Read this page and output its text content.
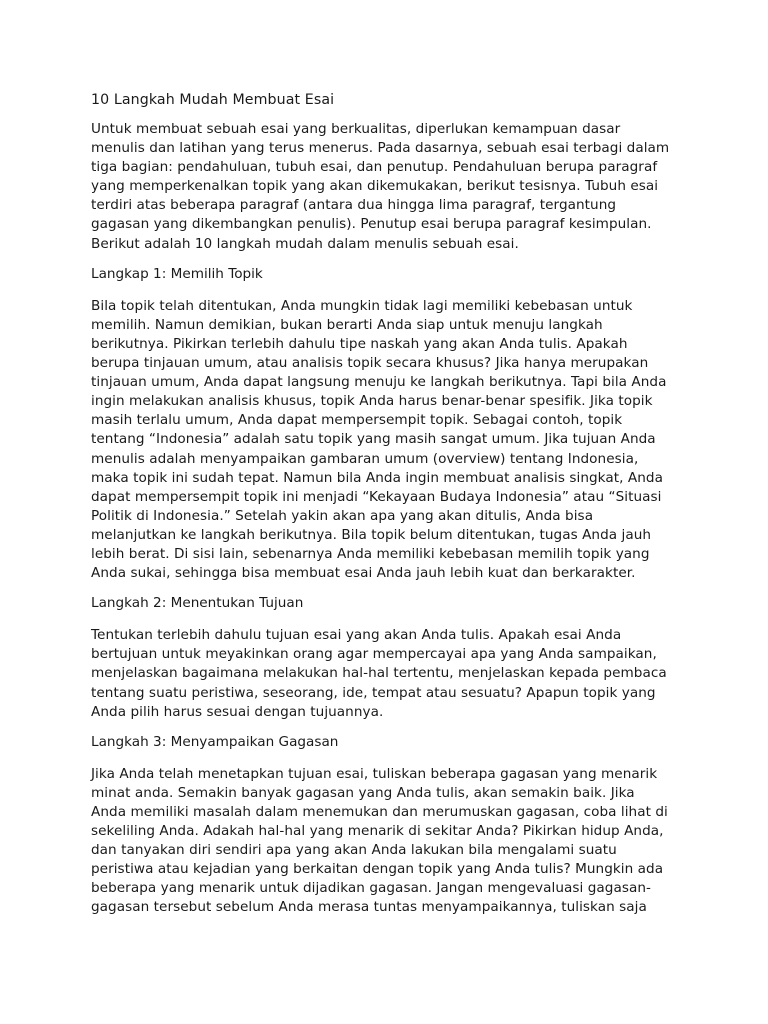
10 Langkah Mudah Membuat Esai
Untuk membuat sebuah esai yang berkualitas, diperlukan kemampuan dasar
menulis dan latihan yang terus menerus. Pada dasarnya, sebuah esai terbagi dalam
tiga bagian: pendahuluan, tubuh esai, dan penutup. Pendahuluan berupa paragraf
yang memperkenalkan topik yang akan dikemukakan, berikut tesisnya. Tubuh esai
terdiri atas beberapa paragraf (antara dua hingga lima paragraf, tergantung
gagasan yang dikembangkan penulis). Penutup esai berupa paragraf kesimpulan.
Berikut adalah 10 langkah mudah dalam menulis sebuah esai.
Langkap 1: Memilih Topik
Bila topik telah ditentukan, Anda mungkin tidak lagi memiliki kebebasan untuk
memilih. Namun demikian, bukan berarti Anda siap untuk menuju langkah
berikutnya. Pikirkan terlebih dahulu tipe naskah yang akan Anda tulis. Apakah
berupa tinjauan umum, atau analisis topik secara khusus? Jika hanya merupakan
tinjauan umum, Anda dapat langsung menuju ke langkah berikutnya. Tapi bila Anda
ingin melakukan analisis khusus, topik Anda harus benar-benar spesifik. Jika topik
masih terlalu umum, Anda dapat mempersempit topik. Sebagai contoh, topik
tentang “Indonesia” adalah satu topik yang masih sangat umum. Jika tujuan Anda
menulis adalah menyampaikan gambaran umum (overview) tentang Indonesia,
maka topik ini sudah tepat. Namun bila Anda ingin membuat analisis singkat, Anda
dapat mempersempit topik ini menjadi “Kekayaan Budaya Indonesia” atau “Situasi
Politik di Indonesia.” Setelah yakin akan apa yang akan ditulis, Anda bisa
melanjutkan ke langkah berikutnya. Bila topik belum ditentukan, tugas Anda jauh
lebih berat. Di sisi lain, sebenarnya Anda memiliki kebebasan memilih topik yang
Anda sukai, sehingga bisa membuat esai Anda jauh lebih kuat dan berkarakter.
Langkah 2: Menentukan Tujuan
Tentukan terlebih dahulu tujuan esai yang akan Anda tulis. Apakah esai Anda
bertujuan untuk meyakinkan orang agar mempercayai apa yang Anda sampaikan,
menjelaskan bagaimana melakukan hal-hal tertentu, menjelaskan kepada pembaca
tentang suatu peristiwa, seseorang, ide, tempat atau sesuatu? Apapun topik yang
Anda pilih harus sesuai dengan tujuannya.
Langkah 3: Menyampaikan Gagasan
Jika Anda telah menetapkan tujuan esai, tuliskan beberapa gagasan yang menarik
minat anda. Semakin banyak gagasan yang Anda tulis, akan semakin baik. Jika
Anda memiliki masalah dalam menemukan dan merumuskan gagasan, coba lihat di
sekeliling Anda. Adakah hal-hal yang menarik di sekitar Anda? Pikirkan hidup Anda,
dan tanyakan diri sendiri apa yang akan Anda lakukan bila mengalami suatu
peristiwa atau kejadian yang berkaitan dengan topik yang Anda tulis? Mungkin ada
beberapa yang menarik untuk dijadikan gagasan. Jangan mengevaluasi gagasan-
gagasan tersebut sebelum Anda merasa tuntas menyampaikannya, tuliskan saja
